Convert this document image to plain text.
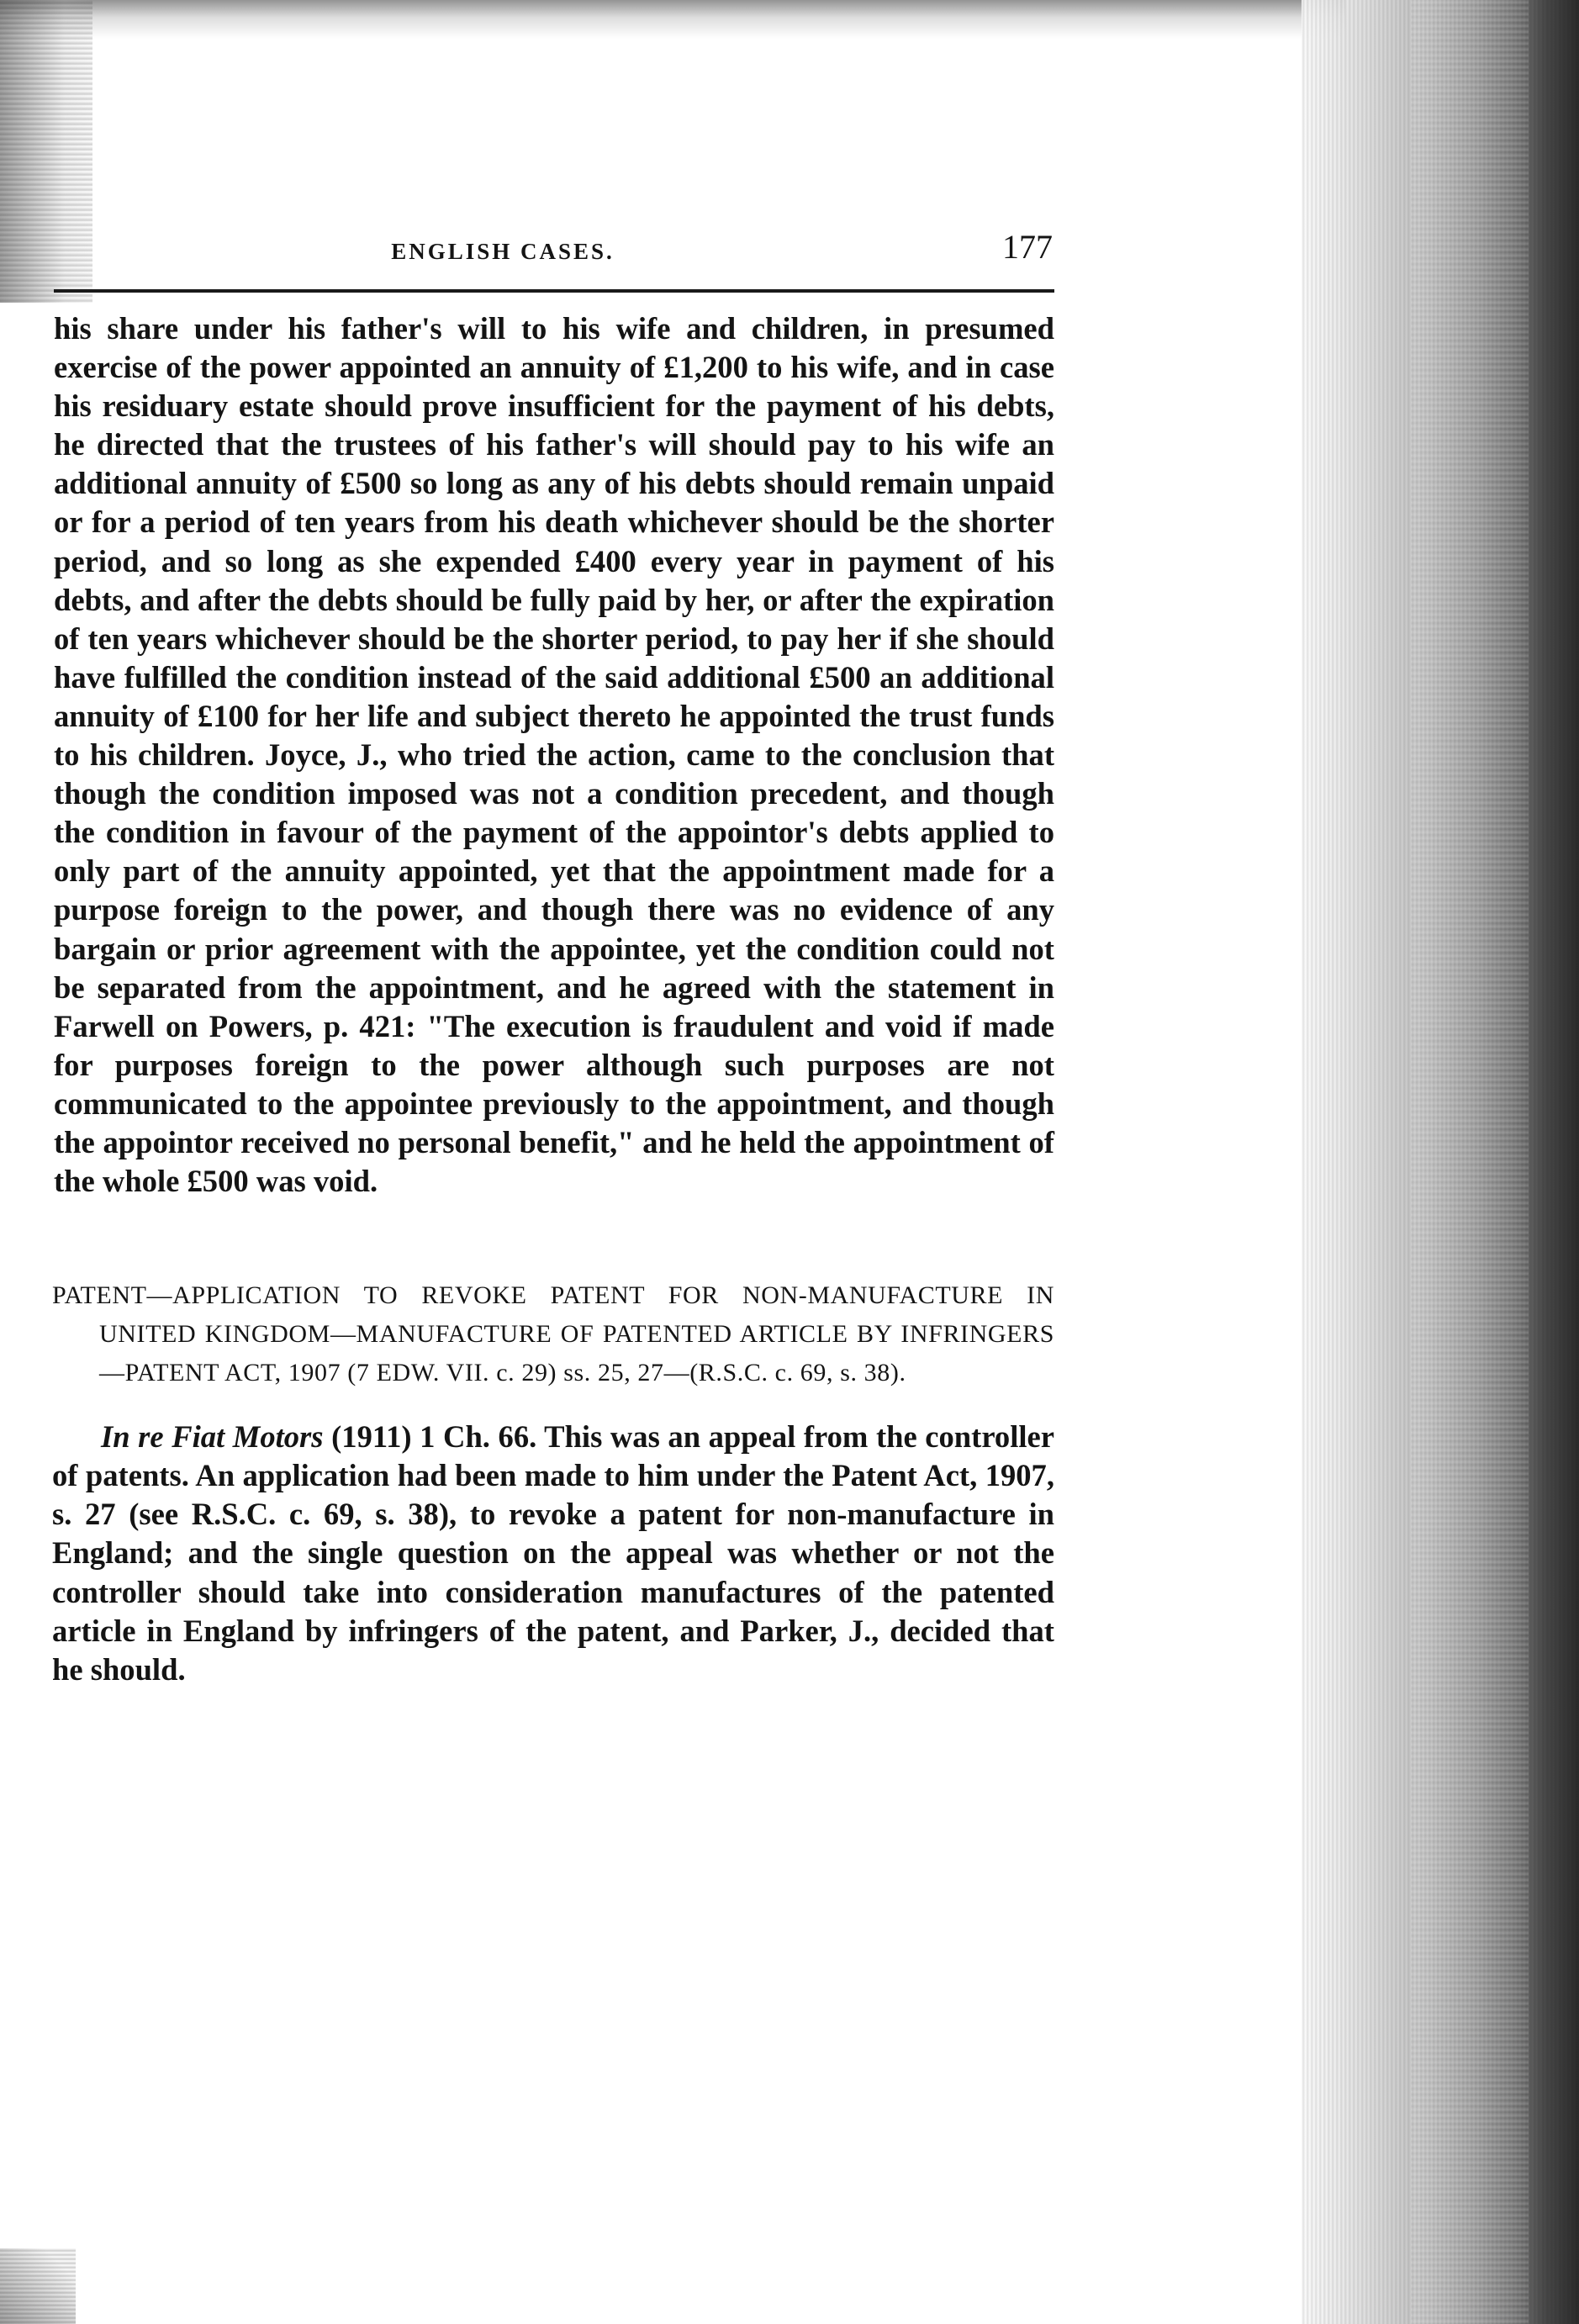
ENGLISH CASES.	177

his share under his father's will to his wife and children, in presumed exercise of the power appointed an annuity of £1,200 to his wife, and in case his residuary estate should prove insufficient for the payment of his debts, he directed that the trustees of his father's will should pay to his wife an additional annuity of £500 so long as any of his debts should remain unpaid or for a period of ten years from his death whichever should be the shorter period, and so long as she expended £400 every year in payment of his debts, and after the debts should be fully paid by her, or after the expiration of ten years whichever should be the shorter period, to pay her if she should have fulfilled the condition instead of the said additional £500 an additional annuity of £100 for her life and subject thereto he appointed the trust funds to his children. Joyce, J., who tried the action, came to the conclusion that though the condition imposed was not a condition precedent, and though the condition in favour of the payment of the appointor's debts applied to only part of the annuity appointed, yet that the appointment made for a purpose foreign to the power, and though there was no evidence of any bargain or prior agreement with the appointee, yet the condition could not be separated from the appointment, and he agreed with the statement in Farwell on Powers, p. 421: "The execution is fraudulent and void if made for purposes foreign to the power although such purposes are not communicated to the appointee previously to the appointment, and though the appointor received no personal benefit," and he held the appointment of the whole £500 was void.

PATENT—APPLICATION TO REVOKE PATENT FOR NON-MANUFACTURE IN UNITED KINGDOM—MANUFACTURE OF PATENTED ARTICLE BY INFRINGERS—PATENT ACT, 1907 (7 EDW. VII. c. 29) ss. 25, 27—(R.S.C. c. 69, s. 38).

In re Fiat Motors (1911) 1 Ch. 66. This was an appeal from the controller of patents. An application had been made to him under the Patent Act, 1907, s. 27 (see R.S.C. c. 69, s. 38), to revoke a patent for non-manufacture in England; and the single question on the appeal was whether or not the controller should take into consideration manufactures of the patented article in England by infringers of the patent, and Parker, J., decided that he should.
